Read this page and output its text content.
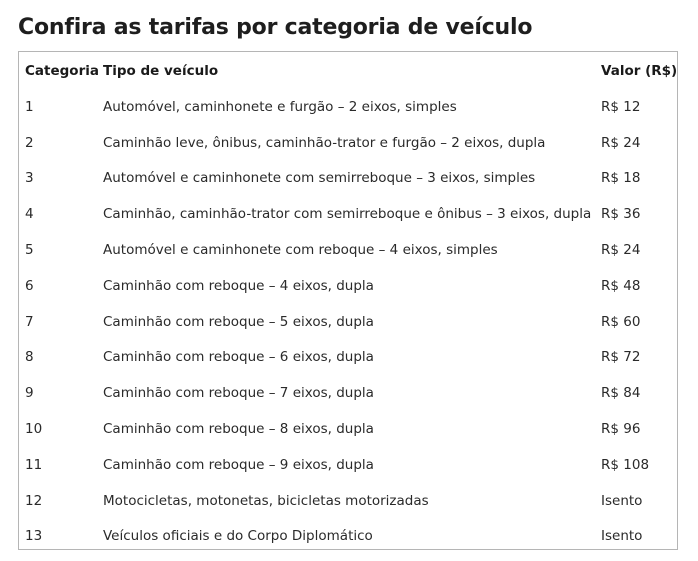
Confira as tarifas por categoria de veículo
Categoria	Tipo de veículo	Valor (R$)
1	Automóvel, caminhonete e furgão – 2 eixos, simples	R$ 12
2	Caminhão leve, ônibus, caminhão-trator e furgão – 2 eixos, dupla	R$ 24
3	Automóvel e caminhonete com semirreboque – 3 eixos, simples	R$ 18
4	Caminhão, caminhão-trator com semirreboque e ônibus – 3 eixos, dupla	R$ 36
5	Automóvel e caminhonete com reboque – 4 eixos, simples	R$ 24
6	Caminhão com reboque – 4 eixos, dupla	R$ 48
7	Caminhão com reboque – 5 eixos, dupla	R$ 60
8	Caminhão com reboque – 6 eixos, dupla	R$ 72
9	Caminhão com reboque – 7 eixos, dupla	R$ 84
10	Caminhão com reboque – 8 eixos, dupla	R$ 96
11	Caminhão com reboque – 9 eixos, dupla	R$ 108
12	Motocicletas, motonetas, bicicletas motorizadas	Isento
13	Veículos oficiais e do Corpo Diplomático	Isento
